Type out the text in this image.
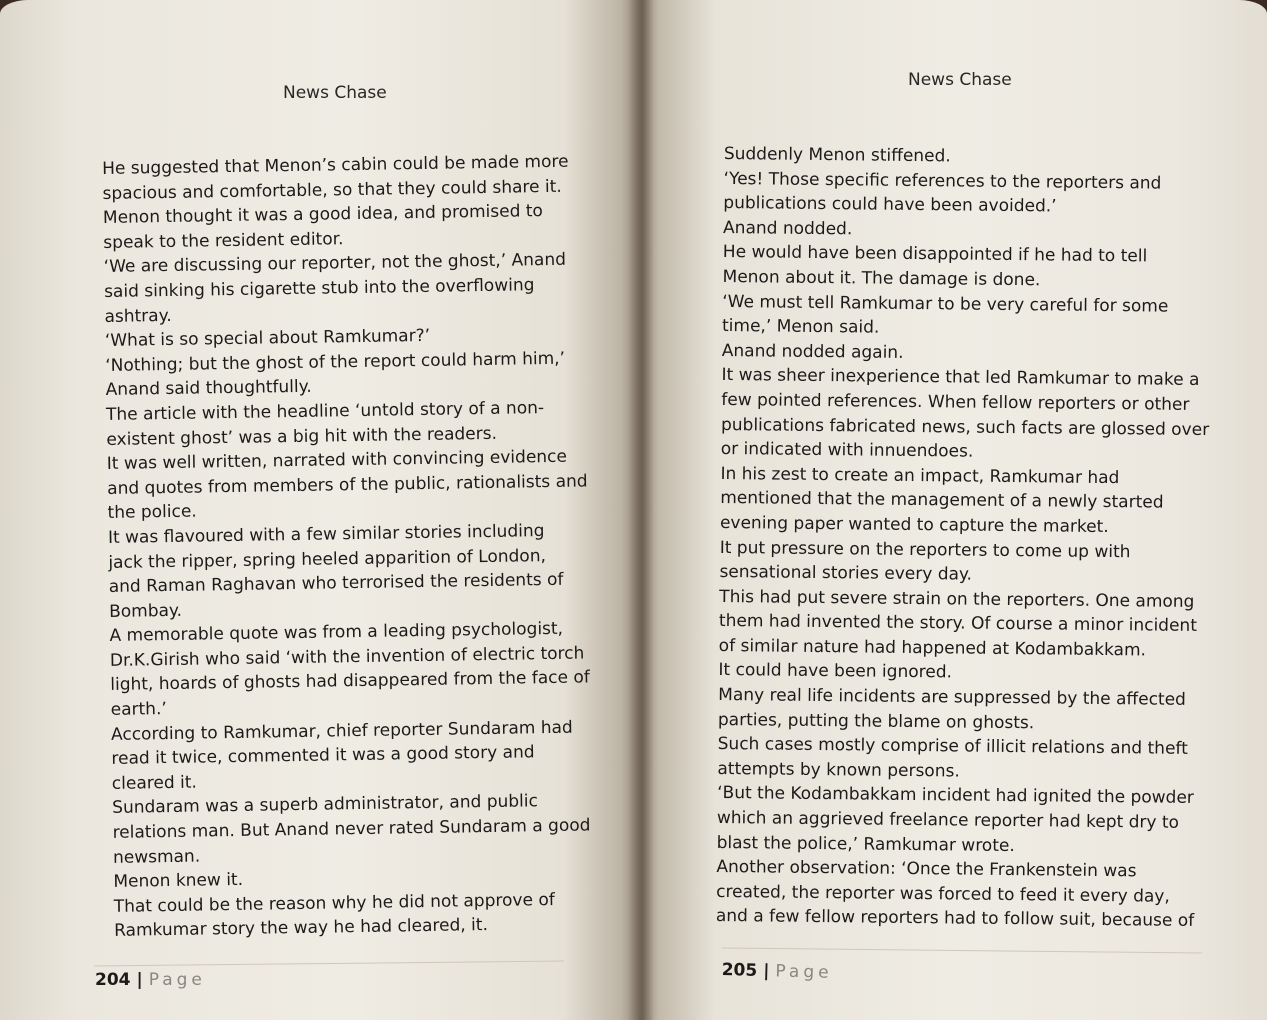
News Chase
He suggested that Menon’s cabin could be made more
spacious and comfortable, so that they could share it.
Menon thought it was a good idea, and promised to
speak to the resident editor.
‘We are discussing our reporter, not the ghost,’ Anand
said sinking his cigarette stub into the overflowing
ashtray.
‘What is so special about Ramkumar?’
‘Nothing; but the ghost of the report could harm him,’
Anand said thoughtfully.
The article with the headline ‘untold story of a non-
existent ghost’ was a big hit with the readers.
It was well written, narrated with convincing evidence
and quotes from members of the public, rationalists and
the police.
It was flavoured with a few similar stories including
jack the ripper, spring heeled apparition of London,
and Raman Raghavan who terrorised the residents of
Bombay.
A memorable quote was from a leading psychologist,
Dr.K.Girish who said ‘with the invention of electric torch
light, hoards of ghosts had disappeared from the face of
earth.’
According to Ramkumar, chief reporter Sundaram had
read it twice, commented it was a good story and
cleared it.
Sundaram was a superb administrator, and public
relations man. But Anand never rated Sundaram a good
newsman.
Menon knew it.
That could be the reason why he did not approve of
Ramkumar story the way he had cleared, it.
204 | Page
News Chase
Suddenly Menon stiffened.
‘Yes! Those specific references to the reporters and
publications could have been avoided.’
Anand nodded.
He would have been disappointed if he had to tell
Menon about it. The damage is done.
‘We must tell Ramkumar to be very careful for some
time,’ Menon said.
Anand nodded again.
It was sheer inexperience that led Ramkumar to make a
few pointed references. When fellow reporters or other
publications fabricated news, such facts are glossed over
or indicated with innuendoes.
In his zest to create an impact, Ramkumar had
mentioned that the management of a newly started
evening paper wanted to capture the market.
It put pressure on the reporters to come up with
sensational stories every day.
This had put severe strain on the reporters. One among
them had invented the story. Of course a minor incident
of similar nature had happened at Kodambakkam.
It could have been ignored.
Many real life incidents are suppressed by the affected
parties, putting the blame on ghosts.
Such cases mostly comprise of illicit relations and theft
attempts by known persons.
‘But the Kodambakkam incident had ignited the powder
which an aggrieved freelance reporter had kept dry to
blast the police,’ Ramkumar wrote.
Another observation: ‘Once the Frankenstein was
created, the reporter was forced to feed it every day,
and a few fellow reporters had to follow suit, because of
205 | Page
